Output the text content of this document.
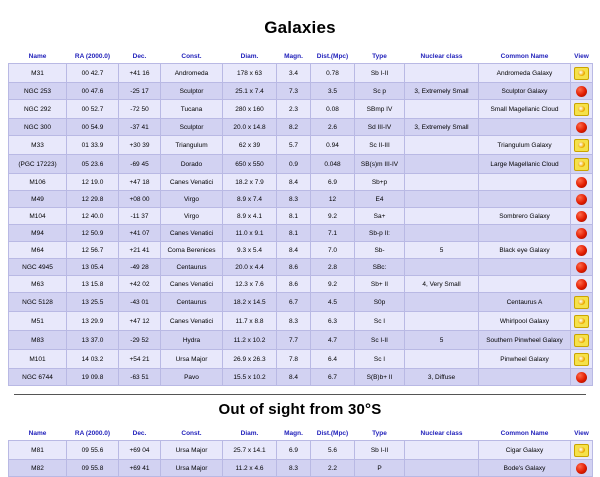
Galaxies
Name	RA (2000.0)	Dec.	Const.	Diam.	Magn.	Dist.(Mpc)	Type	Nuclear class	Common Name	View
M31	00 42.7	+41 16	Andromeda	178 x 63	3.4	0.78	Sb I-II		Andromeda Galaxy	
NGC 253	00 47.6	-25 17	Sculptor	25.1 x 7.4	7.3	3.5	Sc p	3, Extremely Small	Sculptor Galaxy	
NGC 292	00 52.7	-72 50	Tucana	280 x 160	2.3	0.08	SBmp IV		Small Magellanic Cloud	
NGC 300	00 54.9	-37 41	Sculptor	20.0 x 14.8	8.2	2.6	Sd III-IV	3, Extremely Small		
M33	01 33.9	+30 39	Triangulum	62 x 39	5.7	0.94	Sc II-III		Triangulum Galaxy	
(PGC 17223)	05 23.6	-69 45	Dorado	650 x 550	0.9	0.048	SB(s)m III-IV		Large Magellanic Cloud	
M106	12 19.0	+47 18	Canes Venatici	18.2 x 7.9	8.4	6.9	Sb+p			
M49	12 29.8	+08 00	Virgo	8.9 x 7.4	8.3	12	E4			
M104	12 40.0	-11 37	Virgo	8.9 x 4.1	8.1	9.2	Sa+		Sombrero Galaxy	
M94	12 50.9	+41 07	Canes Venatici	11.0 x 9.1	8.1	7.1	Sb-p II:			
M64	12 56.7	+21 41	Coma Berenices	9.3 x 5.4	8.4	7.0	Sb-	5	Black eye Galaxy	
NGC 4945	13 05.4	-49 28	Centaurus	20.0 x 4.4	8.6	2.8	SBc:			
M63	13 15.8	+42 02	Canes Venatici	12.3 x 7.6	8.6	9.2	Sb+ II	4, Very Small		
NGC 5128	13 25.5	-43 01	Centaurus	18.2 x 14.5	6.7	4.5	S0p		Centaurus A	
M51	13 29.9	+47 12	Canes Venatici	11.7 x 8.8	8.3	6.3	Sc I		Whirlpool Galaxy	
M83	13 37.0	-29 52	Hydra	11.2 x 10.2	7.7	4.7	Sc I-II	5	Southern Pinwheel Galaxy	
M101	14 03.2	+54 21	Ursa Major	26.9 x 26.3	7.8	6.4	Sc I		Pinwheel Galaxy	
NGC 6744	19 09.8	-63 51	Pavo	15.5 x 10.2	8.4	6.7	S(B)b+ II	3, Diffuse		
Out of sight from 30°S
Name	RA (2000.0)	Dec.	Const.	Diam.	Magn.	Dist.(Mpc)	Type	Nuclear class	Common Name	View
M81	09 55.6	+69 04	Ursa Major	25.7 x 14.1	6.9	5.6	Sb I-II		Cigar Galaxy	
M82	09 55.8	+69 41	Ursa Major	11.2 x 4.6	8.3	2.2	P		Bode's Galaxy	
